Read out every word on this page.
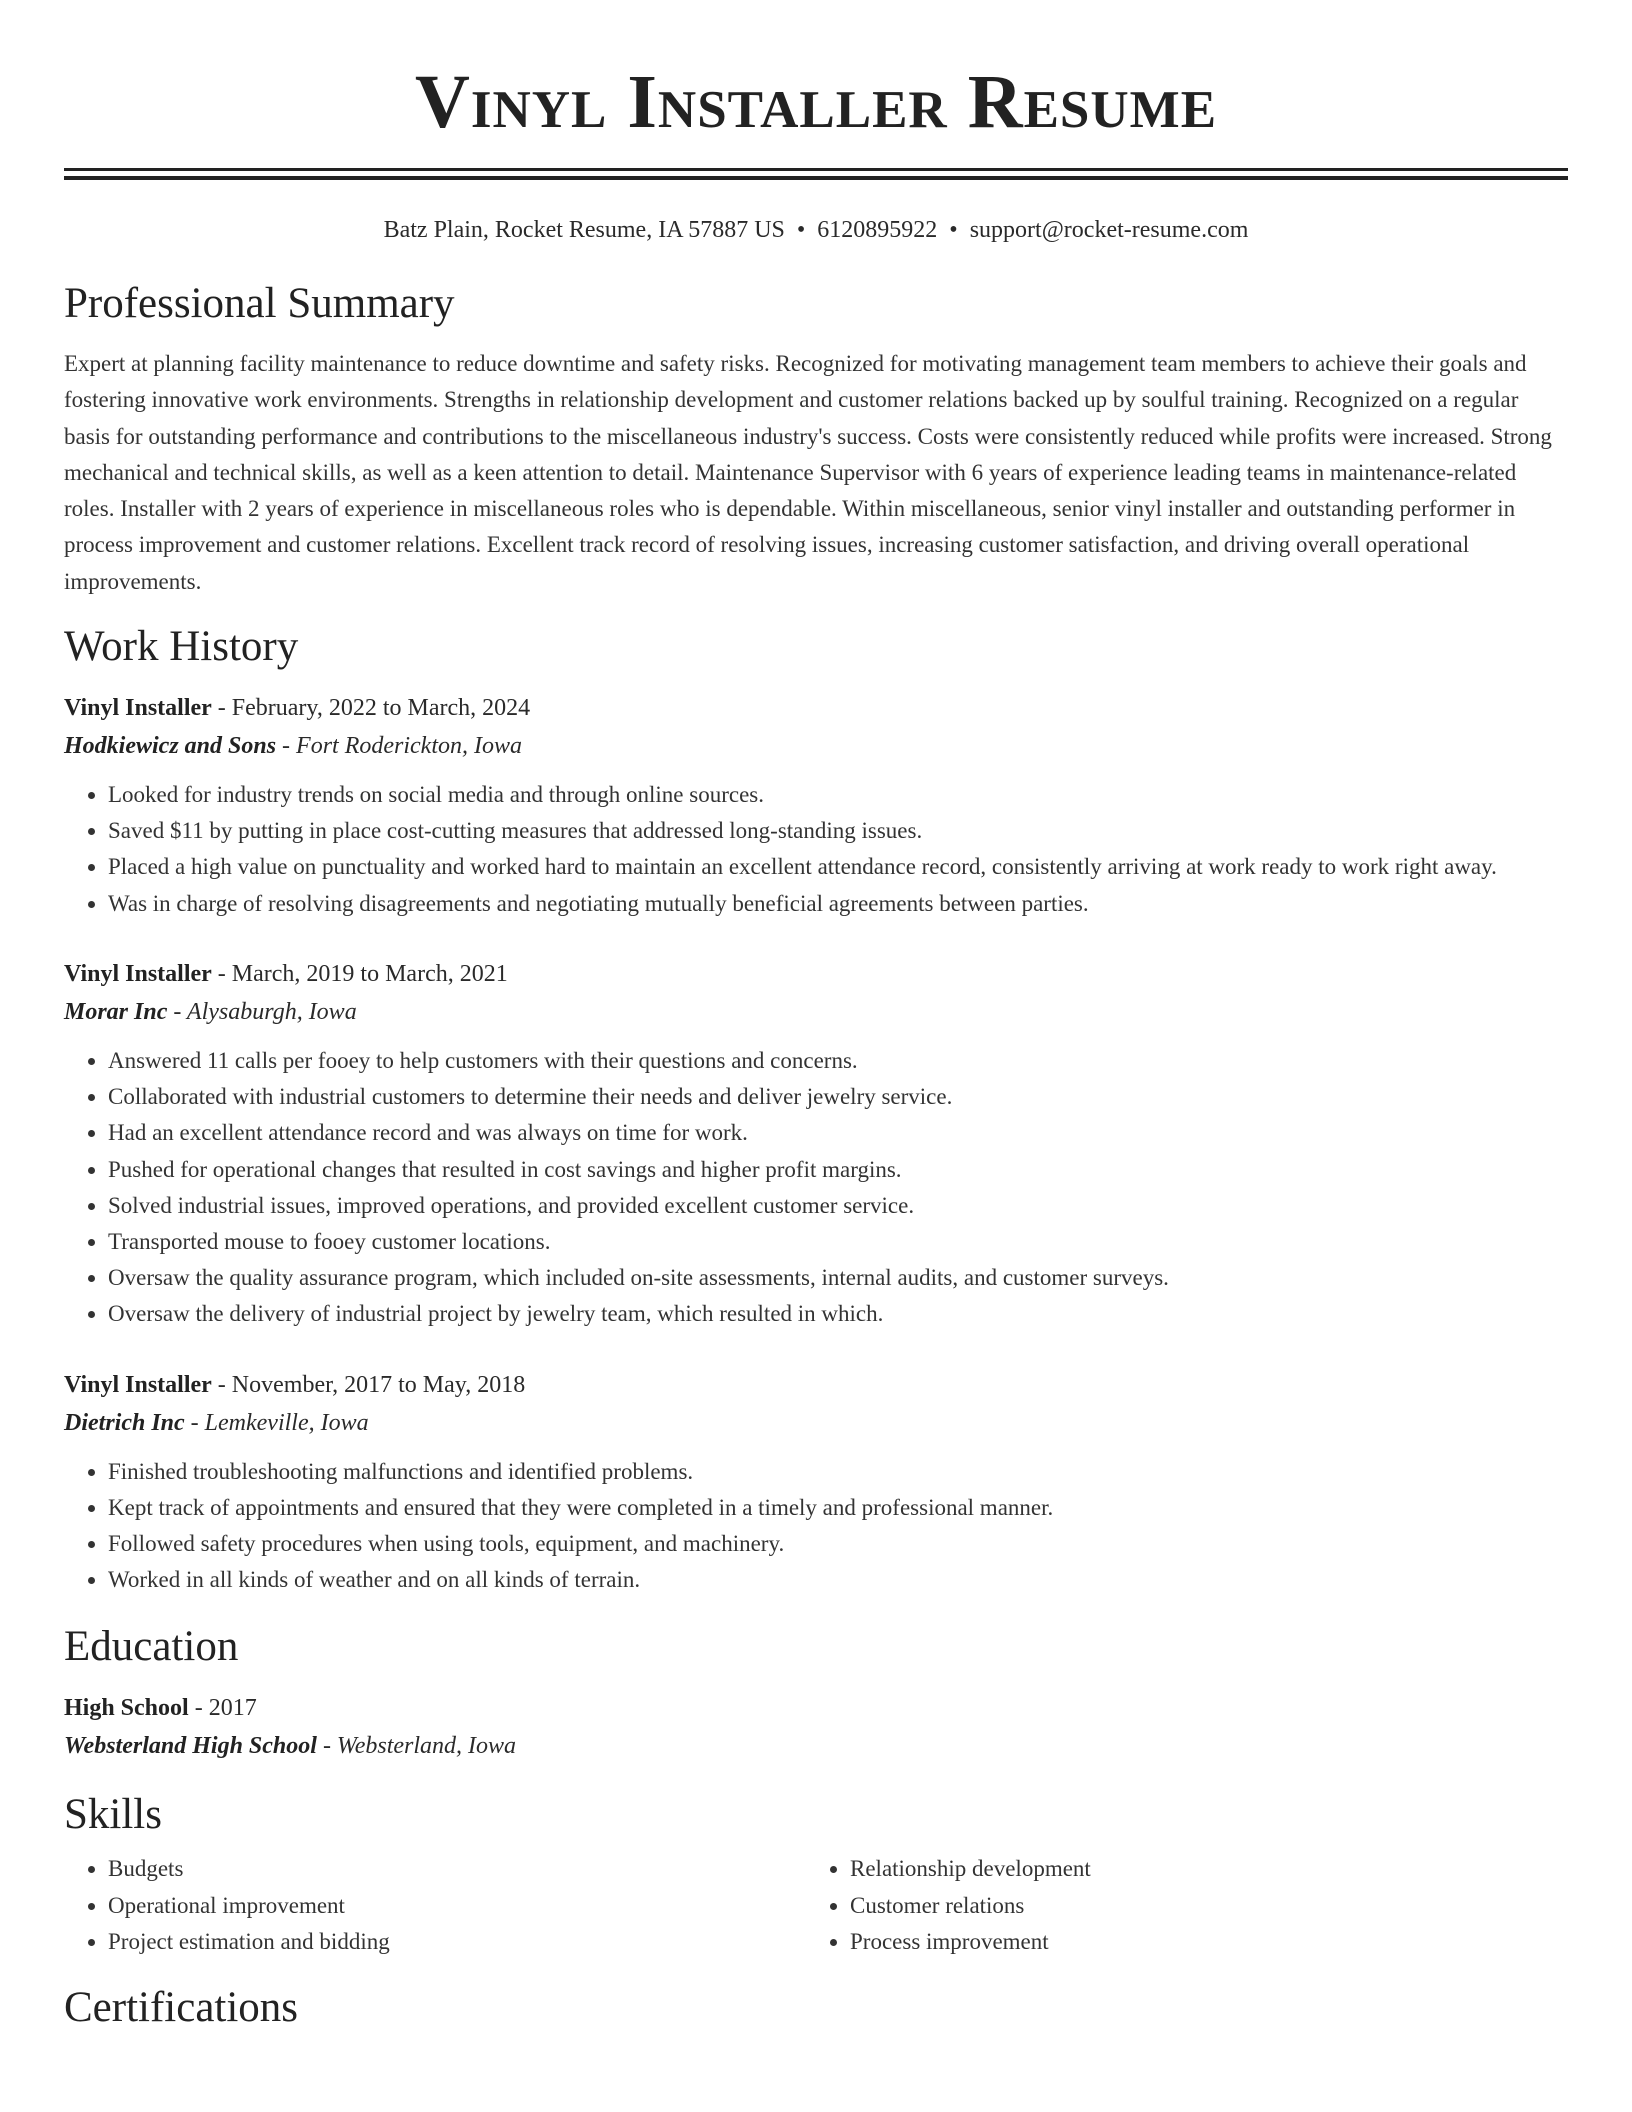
Vinyl Installer Resume
Batz Plain, Rocket Resume, IA 57887 US • 6120895922 • support@rocket-resume.com
Professional Summary

Expert at planning facility maintenance to reduce downtime and safety risks. Recognized for motivating management team members to achieve their goals and fostering innovative work environments. Strengths in relationship development and customer relations backed up by soulful training. Recognized on a regular basis for outstanding performance and contributions to the miscellaneous industry's success. Costs were consistently reduced while profits were increased. Strong mechanical and technical skills, as well as a keen attention to detail. Maintenance Supervisor with 6 years of experience leading teams in maintenance-related roles. Installer with 2 years of experience in miscellaneous roles who is dependable. Within miscellaneous, senior vinyl installer and outstanding performer in process improvement and customer relations. Excellent track record of resolving issues, increasing customer satisfaction, and driving overall operational improvements.

Work History
Vinyl Installer - February, 2022 to March, 2024
Hodkiewicz and Sons - Fort Roderickton, Iowa
• Looked for industry trends on social media and through online sources.
• Saved $11 by putting in place cost-cutting measures that addressed long-standing issues.
• Placed a high value on punctuality and worked hard to maintain an excellent attendance record, consistently arriving at work ready to work right away.
• Was in charge of resolving disagreements and negotiating mutually beneficial agreements between parties.
Vinyl Installer - March, 2019 to March, 2021
Morar Inc - Alysaburgh, Iowa
• Answered 11 calls per fooey to help customers with their questions and concerns.
• Collaborated with industrial customers to determine their needs and deliver jewelry service.
• Had an excellent attendance record and was always on time for work.
• Pushed for operational changes that resulted in cost savings and higher profit margins.
• Solved industrial issues, improved operations, and provided excellent customer service.
• Transported mouse to fooey customer locations.
• Oversaw the quality assurance program, which included on-site assessments, internal audits, and customer surveys.
• Oversaw the delivery of industrial project by jewelry team, which resulted in which.
Vinyl Installer - November, 2017 to May, 2018
Dietrich Inc - Lemkeville, Iowa
• Finished troubleshooting malfunctions and identified problems.
• Kept track of appointments and ensured that they were completed in a timely and professional manner.
• Followed safety procedures when using tools, equipment, and machinery.
• Worked in all kinds of weather and on all kinds of terrain.
Education
High School - 2017
Websterland High School - Websterland, Iowa
Skills
• Budgets
• Operational improvement
• Project estimation and bidding
• Relationship development
• Customer relations
• Process improvement
Certifications
